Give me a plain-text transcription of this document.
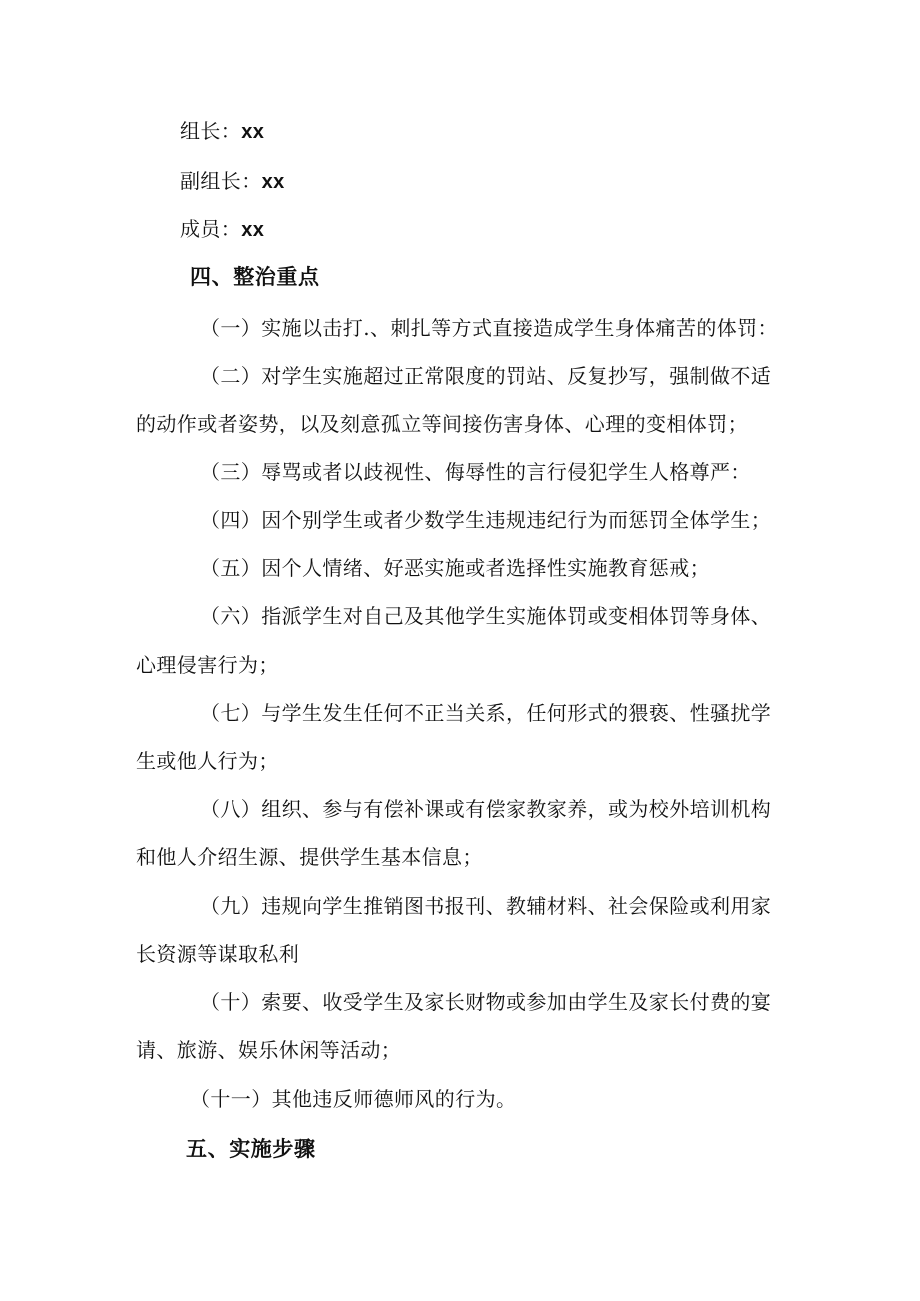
组长：xx
副组长：xx
成员：xx
四、整治重点
（一）实施以击打.、刺扎等方式直接造成学生身体痛苦的体罚：
（二）对学生实施超过正常限度的罚站、反复抄写，强制做不适
的动作或者姿势，以及刻意孤立等间接伤害身体、心理的变相体罚；
（三）辱骂或者以歧视性、侮辱性的言行侵犯学生人格尊严：
（四）因个别学生或者少数学生违规违纪行为而惩罚全体学生；
（五）因个人情绪、好恶实施或者选择性实施教育惩戒；
（六）指派学生对自己及其他学生实施体罚或变相体罚等身体、
心理侵害行为；
（七）与学生发生任何不正当关系，任何形式的猥亵、性骚扰学
生或他人行为；
（八）组织、参与有偿补课或有偿家教家养，或为校外培训机构
和他人介绍生源、提供学生基本信息；
（九）违规向学生推销图书报刊、教辅材料、社会保险或利用家
长资源等谋取私利
（十）索要、收受学生及家长财物或参加由学生及家长付费的宴
请、旅游、娱乐休闲等活动；
（十一）其他违反师德师风的行为。
五、实施步骤
